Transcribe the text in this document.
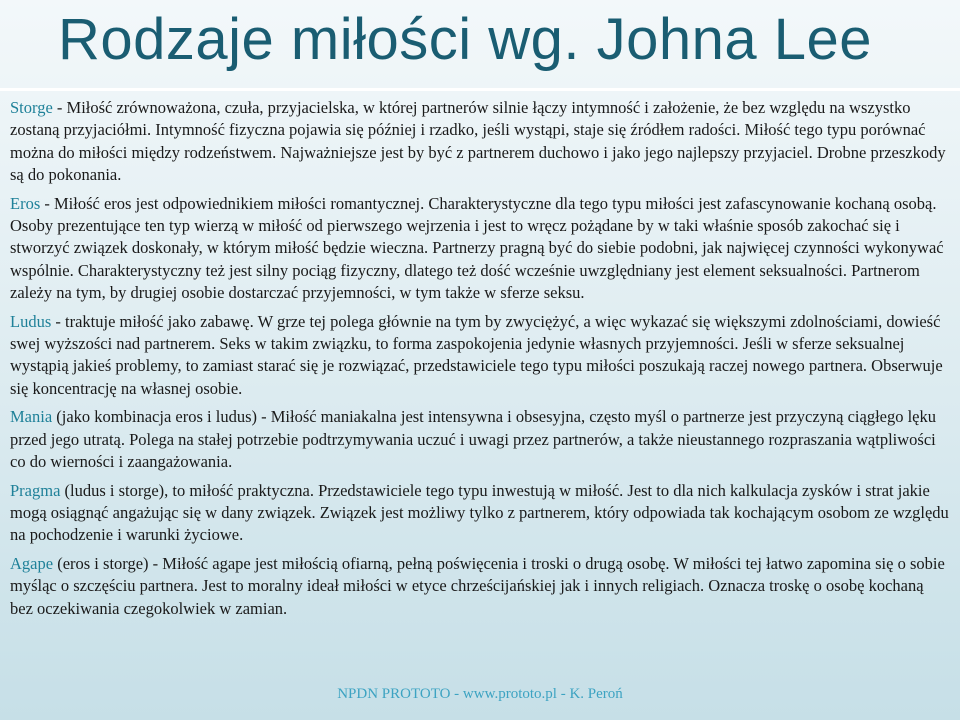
Rodzaje miłości wg. Johna Lee

Storge - Miłość zrównoważona, czuła, przyjacielska, w której partnerów silnie łączy intymność i założenie, że bez względu na wszystko zostaną przyjaciółmi. Intymność fizyczna pojawia się później i rzadko, jeśli wystąpi, staje się źródłem radości. Miłość tego typu porównać można do miłości między rodzeństwem. Najważniejsze jest by być z partnerem duchowo i jako jego najlepszy przyjaciel. Drobne przeszkody są do pokonania.

Eros - Miłość eros jest odpowiednikiem miłości romantycznej. Charakterystyczne dla tego typu miłości jest zafascynowanie kochaną osobą. Osoby prezentujące ten typ wierzą w miłość od pierwszego wejrzenia i jest to wręcz pożądane by w taki właśnie sposób zakochać się i stworzyć związek doskonały, w którym miłość będzie wieczna. Partnerzy pragną być do siebie podobni, jak najwięcej czynności wykonywać wspólnie. Charakterystyczny też jest silny pociąg fizyczny, dlatego też dość wcześnie uwzględniany jest element seksualności. Partnerom zależy na tym, by drugiej osobie dostarczać przyjemności, w tym także w sferze seksu.

Ludus - traktuje miłość jako zabawę. W grze tej polega głównie na tym by zwyciężyć, a więc wykazać się większymi zdolnościami, dowieść swej wyższości nad partnerem. Seks w takim związku, to forma zaspokojenia jedynie własnych przyjemności. Jeśli w sferze seksualnej wystąpią jakieś problemy, to zamiast starać się je rozwiązać, przedstawiciele tego typu miłości poszukają raczej nowego partnera. Obserwuje się koncentrację na własnej osobie.

Mania (jako kombinacja eros i ludus) - Miłość maniakalna jest intensywna i obsesyjna, często myśl o partnerze jest przyczyną ciągłego lęku przed jego utratą. Polega na stałej potrzebie podtrzymywania uczuć i uwagi przez partnerów, a także nieustannego rozpraszania wątpliwości co do wierności i zaangażowania.

Pragma (ludus i storge), to miłość praktyczna. Przedstawiciele tego typu inwestują w miłość. Jest to dla nich kalkulacja zysków i strat jakie mogą osiągnąć angażując się w dany związek. Związek jest możliwy tylko z partnerem, który odpowiada tak kochającym osobom ze względu na pochodzenie i warunki życiowe.

Agape (eros i storge) - Miłość agape jest miłością ofiarną, pełną poświęcenia i troski o drugą osobę. W miłości tej łatwo zapomina się o sobie myśląc o szczęściu partnera. Jest to moralny ideał miłości w etyce chrześcijańskiej jak i innych religiach. Oznacza troskę o osobę kochaną bez oczekiwania czegokolwiek w zamian.

NPDN PROTOTO - www.prototo.pl - K. Peroń
